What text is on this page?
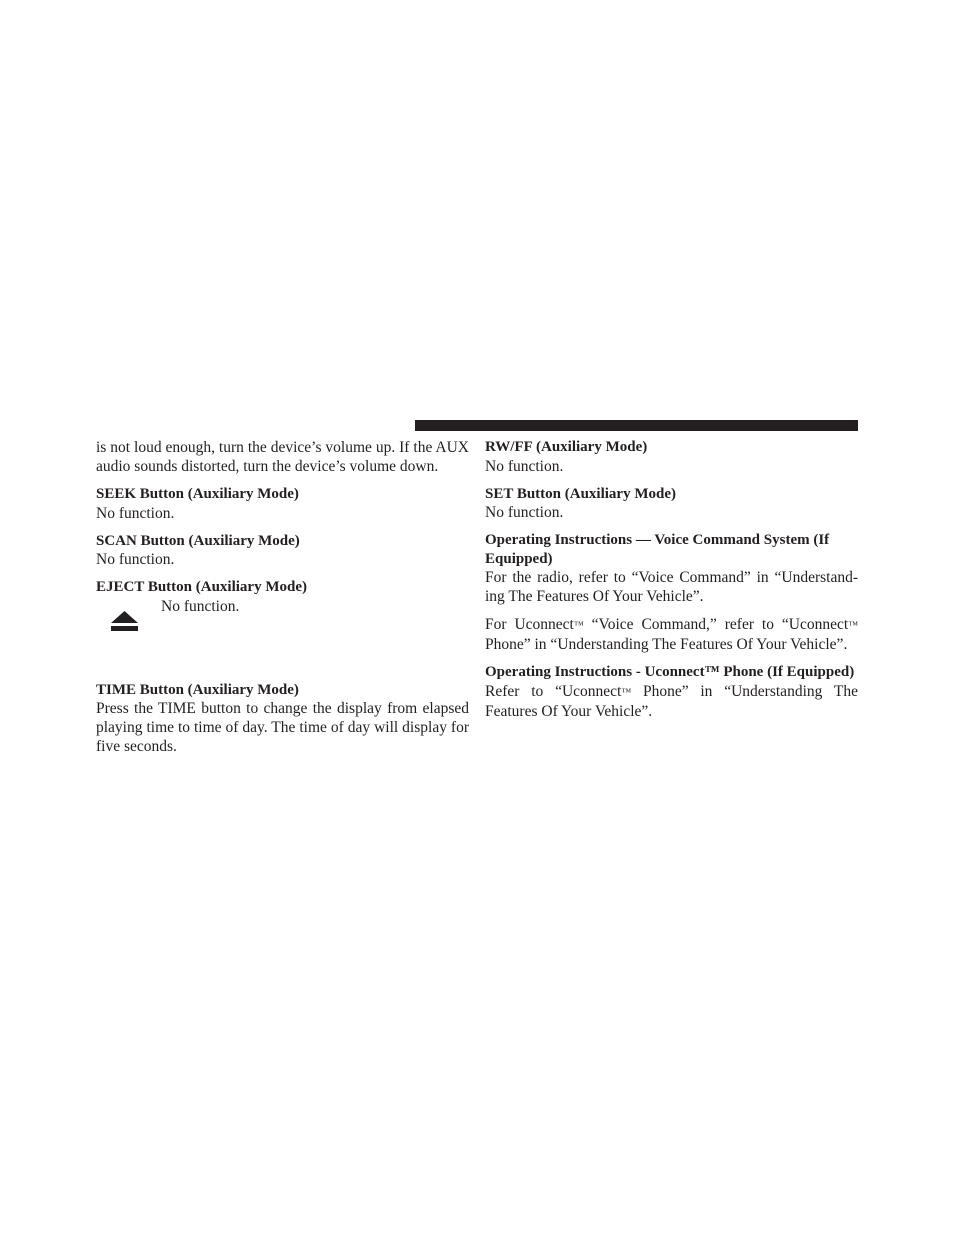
is not loud enough, turn the device’s volume up. If the AUX audio sounds distorted, turn the device’s volume down.

SEEK Button (Auxiliary Mode)

No function.

SCAN Button (Auxiliary Mode)

No function.

EJECT Button (Auxiliary Mode)

No function.

TIME Button (Auxiliary Mode)

Press the TIME button to change the display from elapsed playing time to time of day. The time of day will display for five seconds.

RW/FF (Auxiliary Mode)

No function.

SET Button (Auxiliary Mode)

No function.

Operating Instructions — Voice Command System (If Equipped)

For the radio, refer to “Voice Command” in “Understand-ing The Features Of Your Vehicle”.

For Uconnect™ “Voice Command,” refer to “Uconnect™ Phone” in “Understanding The Features Of Your Vehicle”.

Operating Instructions - Uconnect™ Phone (If Equipped)

Refer to “Uconnect™ Phone” in “Understanding The Features Of Your Vehicle”.
